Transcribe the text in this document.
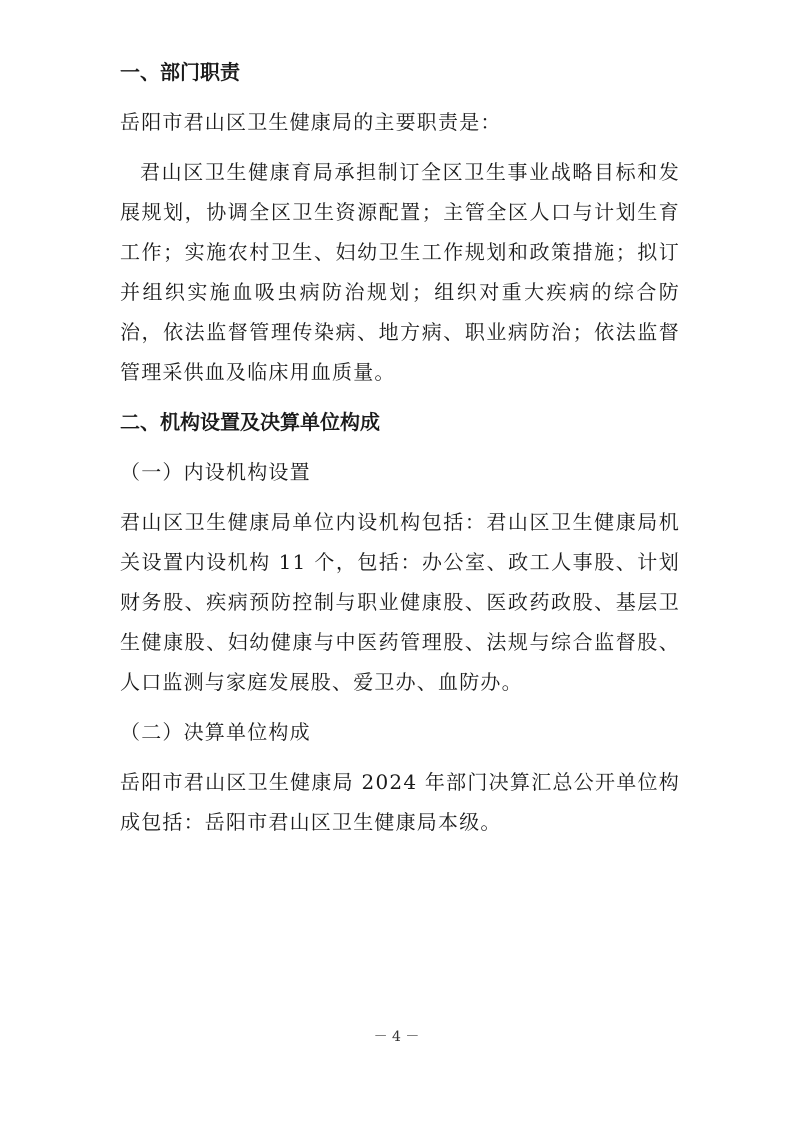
一、部门职责
岳阳市君山区卫生健康局的主要职责是：
君山区卫生健康育局承担制订全区卫生事业战略目标和发展规划，协调全区卫生资源配置；主管全区人口与计划生育工作；实施农村卫生、妇幼卫生工作规划和政策措施；拟订并组织实施血吸虫病防治规划；组织对重大疾病的综合防治，依法监督管理传染病、地方病、职业病防治；依法监督管理采供血及临床用血质量。
二、机构设置及决算单位构成
（一）内设机构设置
君山区卫生健康局单位内设机构包括：君山区卫生健康局机关设置内设机构 11 个，包括：办公室、政工人事股、计划财务股、疾病预防控制与职业健康股、医政药政股、基层卫生健康股、妇幼健康与中医药管理股、法规与综合监督股、人口监测与家庭发展股、爱卫办、血防办。
（二）决算单位构成
岳阳市君山区卫生健康局 2024 年部门决算汇总公开单位构成包括：岳阳市君山区卫生健康局本级。
－ 4 －
